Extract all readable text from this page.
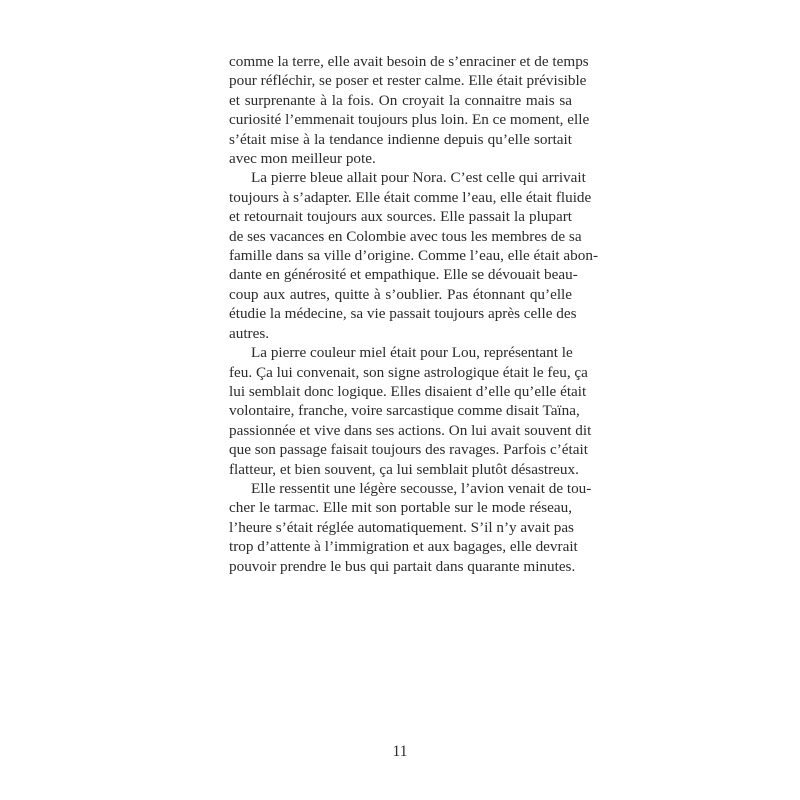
comme la terre, elle avait besoin de s’enraciner et de temps
pour réfléchir, se poser et rester calme. Elle était prévisible
et surprenante à la fois. On croyait la connaitre mais sa
curiosité l’emmenait toujours plus loin. En ce moment, elle
s’était mise à la tendance indienne depuis qu’elle sortait
avec mon meilleur pote.

La pierre bleue allait pour Nora. C’est celle qui arrivait
toujours à s’adapter. Elle était comme l’eau, elle était fluide
et retournait toujours aux sources. Elle passait la plupart
de ses vacances en Colombie avec tous les membres de sa
famille dans sa ville d’origine. Comme l’eau, elle était abon-
dante en générosité et empathique. Elle se dévouait beau-
coup aux autres, quitte à s’oublier. Pas étonnant qu’elle
étudie la médecine, sa vie passait toujours après celle des
autres.

La pierre couleur miel était pour Lou, représentant le
feu. Ça lui convenait, son signe astrologique était le feu, ça
lui semblait donc logique. Elles disaient d’elle qu’elle était
volontaire, franche, voire sarcastique comme disait Taïna,
passionnée et vive dans ses actions. On lui avait souvent dit
que son passage faisait toujours des ravages. Parfois c’était
flatteur, et bien souvent, ça lui semblait plutôt désastreux.

Elle ressentit une légère secousse, l’avion venait de tou-
cher le tarmac. Elle mit son portable sur le mode réseau,
l’heure s’était réglée automatiquement. S’il n’y avait pas
trop d’attente à l’immigration et aux bagages, elle devrait
pouvoir prendre le bus qui partait dans quarante minutes.

11
